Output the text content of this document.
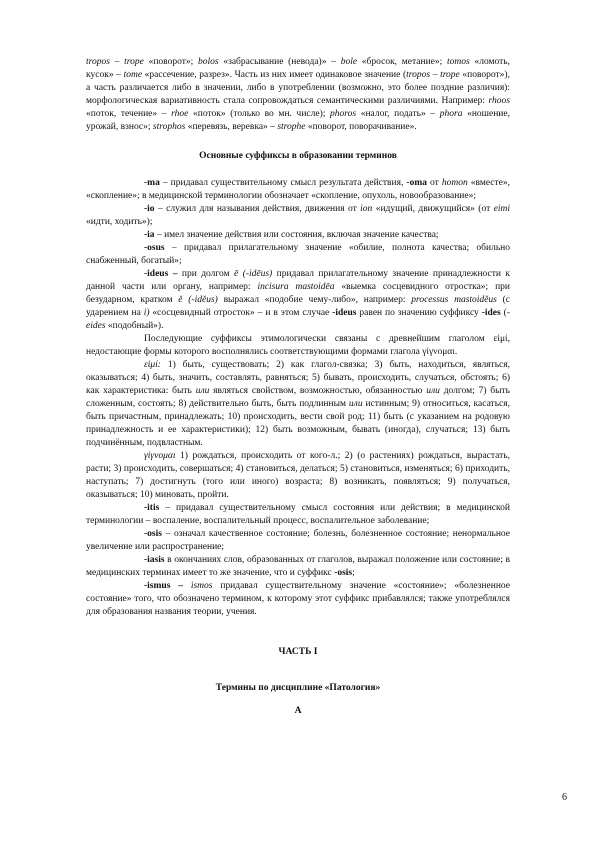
tropos – trope «поворот»; bolos «забрасывание (невода)» – bole «бросок, метание»; tomos «ломоть, кусок» – tome «рассечение, разрез». Часть из них имеет одинаковое значение (tropos – trope «поворот»), а часть различается либо в значении, либо в употреблении (возможно, это более поздние различия): морфологическая вариативность стала сопровождаться семантическими различиями. Например: rhoos «поток, течение» – rhoe «поток» (только во мн. числе); phoros «налог, подать» – phora «ношение, урожай, взнос»; strophos «перевязь, веревка» – strophe «поворот, поворачивание».

Основные суффиксы в образовании терминов

-ma – придавал существительному смысл результата действия, -oma от homon «вместе», «скопление»; в медицинской терминологии обозначает «скопление, опухоль, новообразование»;

-io – служил для называния действия, движения от ion «идущий, движущийся» (от eimi «идти, ходить»);

-ia – имел значение действия или состояния, включая значение качества;

-osus – придавал прилагательному значение «обилие, полнота качества; обильно снабженный, богатый»;

-ideus – при долгом ē (-idēus) придавал прилагательному значение принадлежности к данной части или органу, например: incisura mastoidēa «выемка сосцевидного отростка»; при безударном, кратком ĕ (-idĕus) выражал «подобие чему-либо», например: processus mastoidĕus (с ударением на i) «сосцевидный отросток» – и в этом случае -ideus равен по значению суффиксу -ides (-eides «подобный»).

Последующие суффиксы этимологически связаны с древнейшим глаголом εἰμί, недостающие формы которого восполнялись соответствующими формами глагола γίγνομαι.

εἰμί: 1) быть, существовать; 2) как глагол-связка; 3) быть, находиться, являться, оказываться; 4) быть, значить, составлять, равняться; 5) бывать, происходить, случаться, обстоять; 6) как характеристика: быть или являться свойством, возможностью, обязанностью или долгом; 7) быть сложенным, состоять; 8) действительно быть, быть подлинным или истинным; 9) относиться, касаться, быть причастным, принадлежать; 10) происходить, вести свой род; 11) быть (с указанием на родовую принадлежность и ее характеристики); 12) быть возможным, бывать (иногда), случаться; 13) быть подчинённым, подвластным.

γίγνομαι 1) рождаться, происходить от кого-л.; 2) (о растениях) рождаться, вырастать, расти; 3) происходить, совершаться; 4) становиться, делаться; 5) становиться, изменяться; 6) приходить, наступать; 7) достигнуть (того или иного) возраста; 8) возникать, появляться; 9) получаться, оказываться; 10) миновать, пройти.

-itis – придавал существительному смысл состояния или действия; в медицинской терминологии – воспаление, воспалительный процесс, воспалительное заболевание;

-osis – означал качественное состояние; болезнь, болезненное состояние; ненормальное увеличение или распространение;

-iasis в окончаниях слов, образованных от глаголов, выражал положение или состояние; в медицинских терминах имеет то же значение, что и суффикс -osis;

-ismus – ismos придавал существительному значение «состояние»; «болезненное состояние» того, что обозначено термином, к которому этот суффикс прибавлялся; также употреблялся для образования названия теории, учения.

ЧАСТЬ I

Термины по дисциплине «Патология»

А

6
